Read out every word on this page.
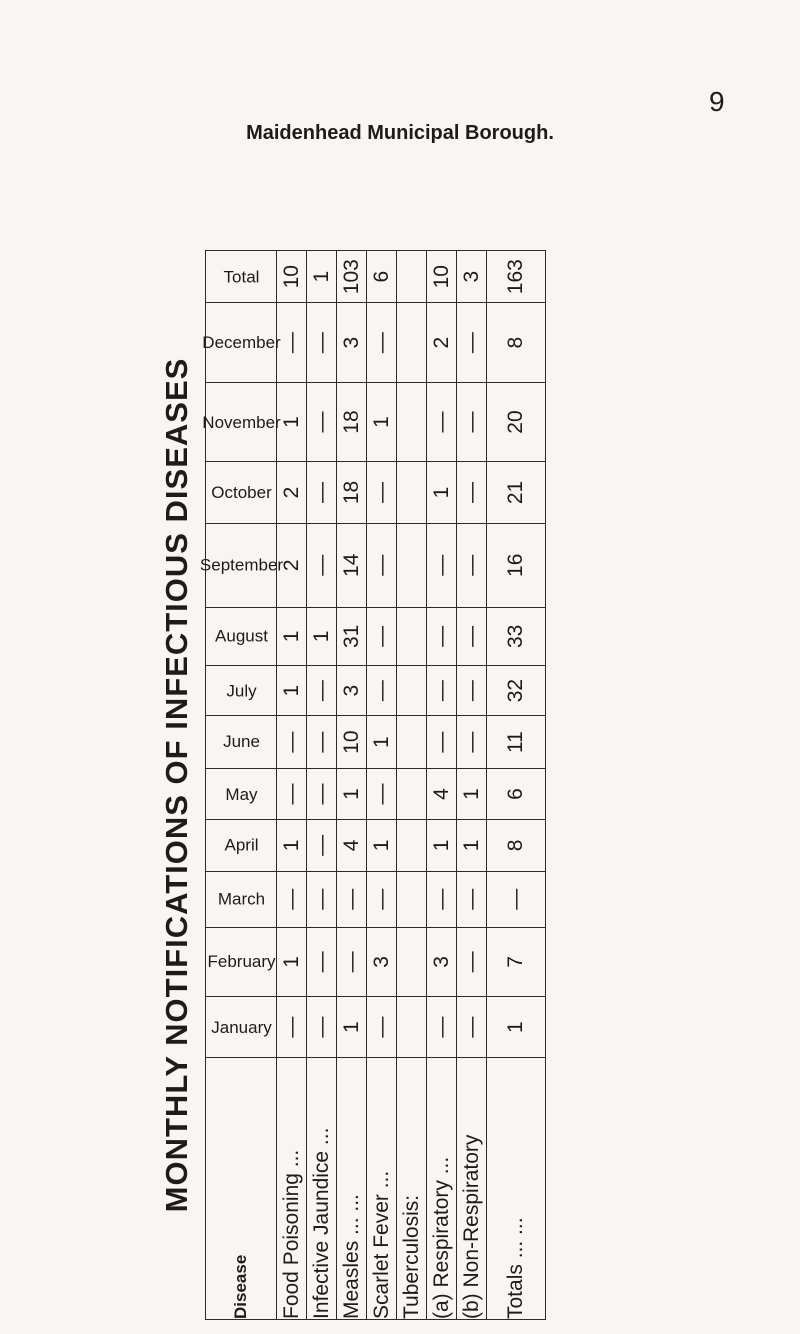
9
Maidenhead Municipal Borough.
MONTHLY NOTIFICATIONS OF INFECTIOUS DISEASES
Disease	January	February	March	April	May	June	July	August	September	October	November	December	Total
Food Poisoning ...	—	1	—	1	—	—	1	1	2	2	1	—	10
Infective Jaundice ...	—	—	—	—	—	—	—	1	—	—	—	—	1
Measles ... ...	1	—	—	4	1	10	3	31	14	18	18	3	103
Scarlet Fever ...	—	3	—	1	—	1	—	—	—	—	1	—	6
Tuberculosis:													
(a) Respiratory ...	—	3	—	1	4	—	—	—	—	1	—	2	10
(b) Non-Respiratory	—	—	—	1	1	—	—	—	—	—	—	—	3
Totals ... ...	1	7	—	8	6	11	32	33	16	21	20	8	163
